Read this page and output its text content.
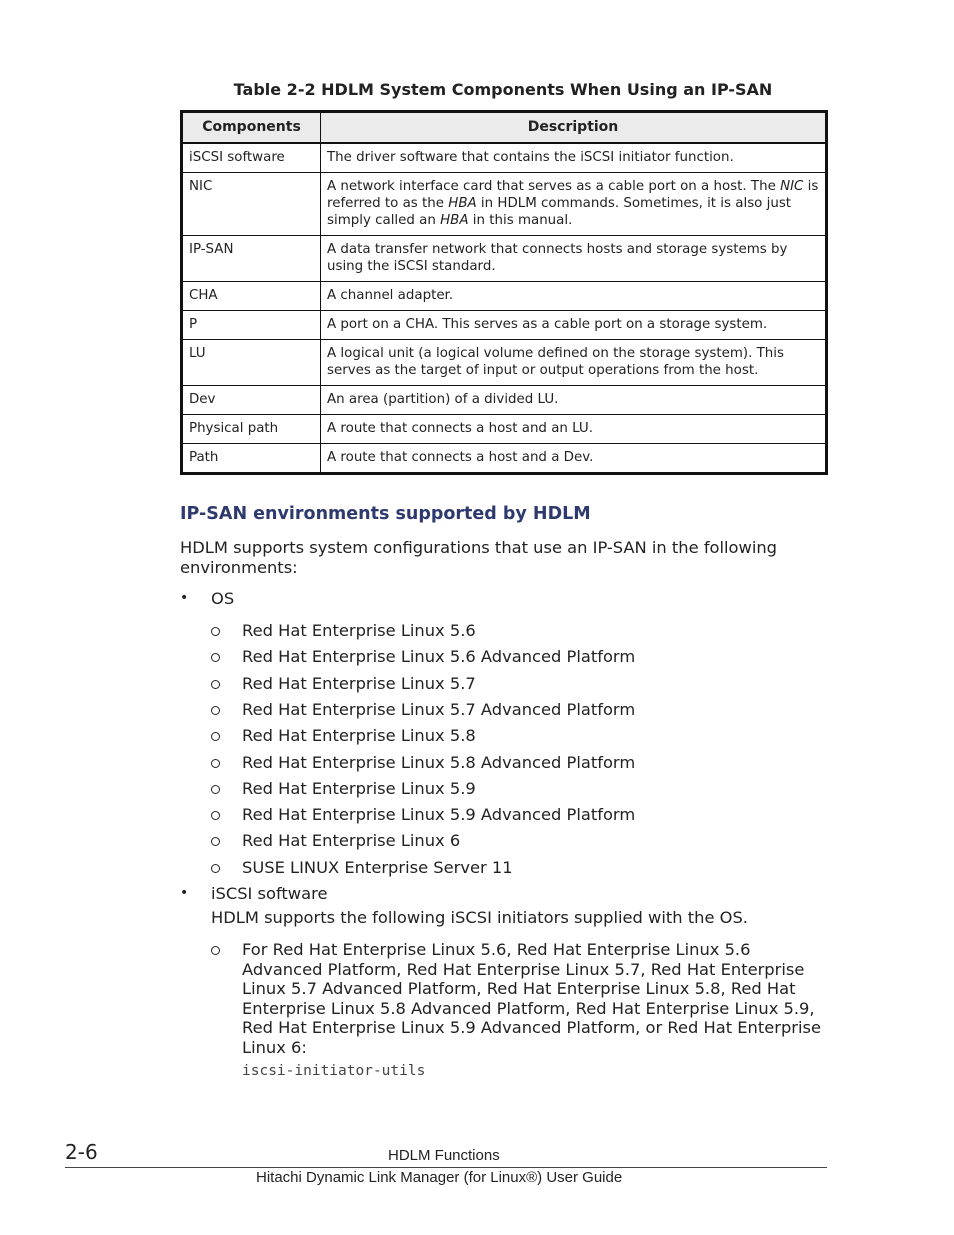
Table 2-2 HDLM System Components When Using an IP-SAN
Components	Description
iSCSI software	The driver software that contains the iSCSI initiator function.
NIC	A network interface card that serves as a cable port on a host. The NIC is referred to as the HBA in HDLM commands. Sometimes, it is also just simply called an HBA in this manual.
IP-SAN	A data transfer network that connects hosts and storage systems by using the iSCSI standard.
CHA	A channel adapter.
P	A port on a CHA. This serves as a cable port on a storage system.
LU	A logical unit (a logical volume defined on the storage system). This serves as the target of input or output operations from the host.
Dev	An area (partition) of a divided LU.
Physical path	A route that connects a host and an LU.
Path	A route that connects a host and a Dev.
IP-SAN environments supported by HDLM
HDLM supports system configurations that use an IP-SAN in the following environments:
• OS
Red Hat Enterprise Linux 5.6
Red Hat Enterprise Linux 5.6 Advanced Platform
Red Hat Enterprise Linux 5.7
Red Hat Enterprise Linux 5.7 Advanced Platform
Red Hat Enterprise Linux 5.8
Red Hat Enterprise Linux 5.8 Advanced Platform
Red Hat Enterprise Linux 5.9
Red Hat Enterprise Linux 5.9 Advanced Platform
Red Hat Enterprise Linux 6
SUSE LINUX Enterprise Server 11
• iSCSI software
HDLM supports the following iSCSI initiators supplied with the OS.
For Red Hat Enterprise Linux 5.6, Red Hat Enterprise Linux 5.6 Advanced Platform, Red Hat Enterprise Linux 5.7, Red Hat Enterprise Linux 5.7 Advanced Platform, Red Hat Enterprise Linux 5.8, Red Hat Enterprise Linux 5.8 Advanced Platform, Red Hat Enterprise Linux 5.9, Red Hat Enterprise Linux 5.9 Advanced Platform, or Red Hat Enterprise Linux 6:
iscsi-initiator-utils
2-6	HDLM Functions
Hitachi Dynamic Link Manager (for Linux®) User Guide
